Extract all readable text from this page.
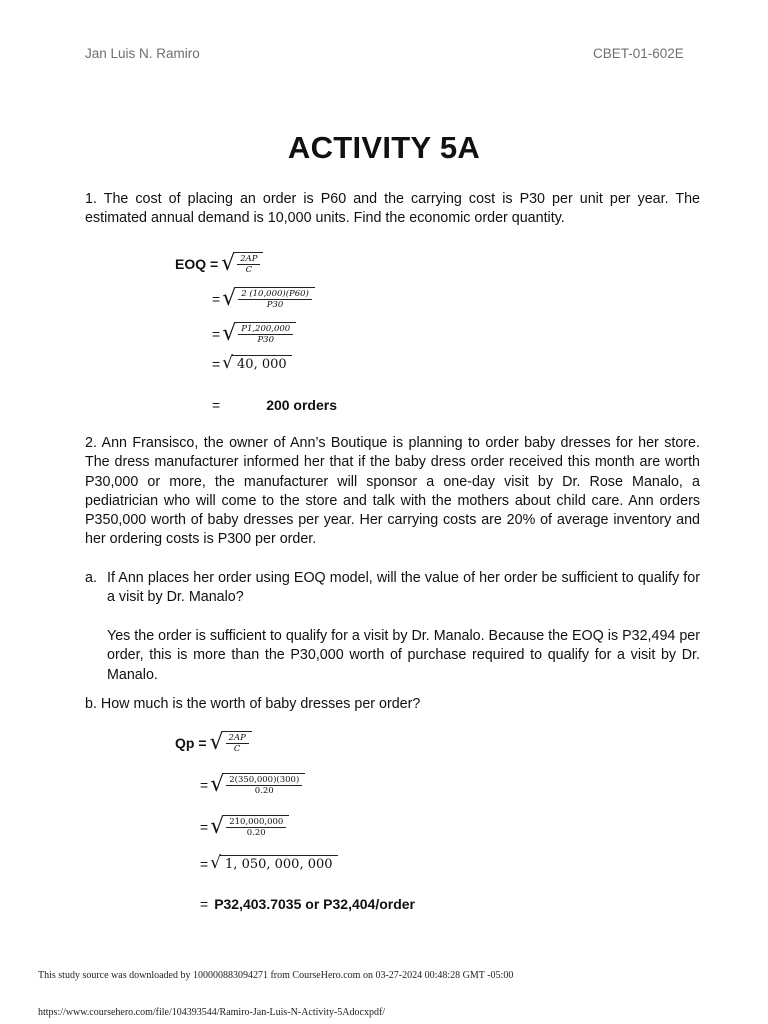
Jan Luis N. Ramiro	CBET-01-602E
ACTIVITY 5A
1. The cost of placing an order is P60 and the carrying cost is P30 per unit per year. The estimated annual demand is 10,000 units. Find the economic order quantity.
EOQ = √ $\frac{2AP}{C}$
= √ $\frac{2 (10,000)(P60)}{P30}$
= √ $\frac{P1,200,000}{P30}$
= √ 40, 000
=	200 orders
2. Ann Fransisco, the owner of Ann’s Boutique is planning to order baby dresses for her store. The dress manufacturer informed her that if the baby dress order received this month are worth P30,000 or more, the manufacturer will sponsor a one-day visit by Dr. Rose Manalo, a pediatrician who will come to the store and talk with the mothers about child care. Ann orders P350,000 worth of baby dresses per year. Her carrying costs are 20% of average inventory and her ordering costs is P300 per order.
a. If Ann places her order using EOQ model, will the value of her order be sufficient to qualify for a visit by Dr. Manalo?
Yes the order is sufficient to qualify for a visit by Dr. Manalo. Because the EOQ is P32,494 per order, this is more than the P30,000 worth of purchase required to qualify for a visit by Dr. Manalo.
b. How much is the worth of baby dresses per order?
Qp = √ $\frac{2AP}{C}$
= √ $\frac{2(350,000)(300)}{0.20}$
= √ $\frac{210,000,000}{0.20}$
= √ 1, 050, 000, 000
= P32,403.7035 or P32,404/order
This study source was downloaded by 100000883094271 from CourseHero.com on 03-27-2024 00:48:28 GMT -05:00
https://www.coursehero.com/file/104393544/Ramiro-Jan-Luis-N-Activity-5Adocxpdf/
